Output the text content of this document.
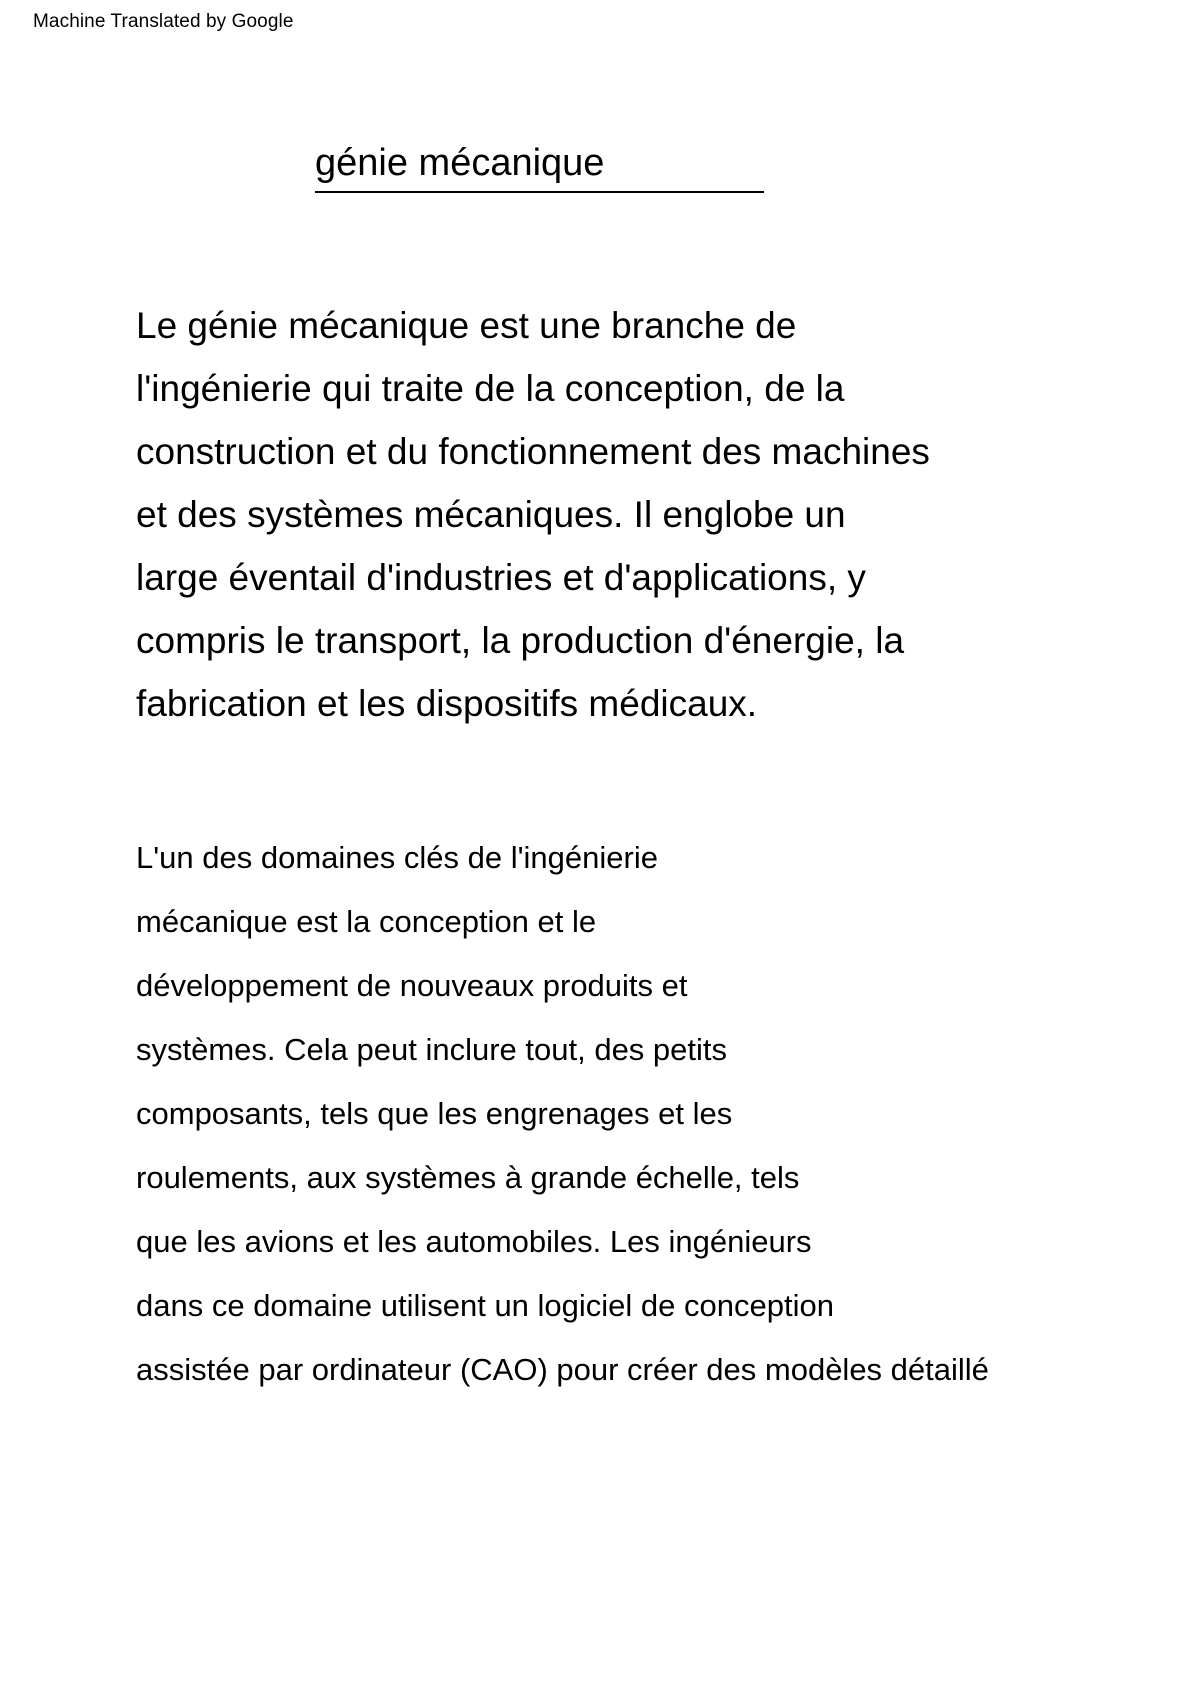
Machine Translated by Google
génie mécanique
Le génie mécanique est une branche de l'ingénierie qui traite de la conception, de la construction et du fonctionnement des machines et des systèmes mécaniques. Il englobe un large éventail d'industries et d'applications, y compris le transport, la production d'énergie, la fabrication et les dispositifs médicaux.
L'un des domaines clés de l'ingénierie
mécanique est la conception et le
développement de nouveaux produits et
systèmes. Cela peut inclure tout, des petits
composants, tels que les engrenages et les
roulements, aux systèmes à grande échelle, tels
que les avions et les automobiles. Les ingénieurs
dans ce domaine utilisent un logiciel de conception
assistée par ordinateur (CAO) pour créer des modèles détaillé
